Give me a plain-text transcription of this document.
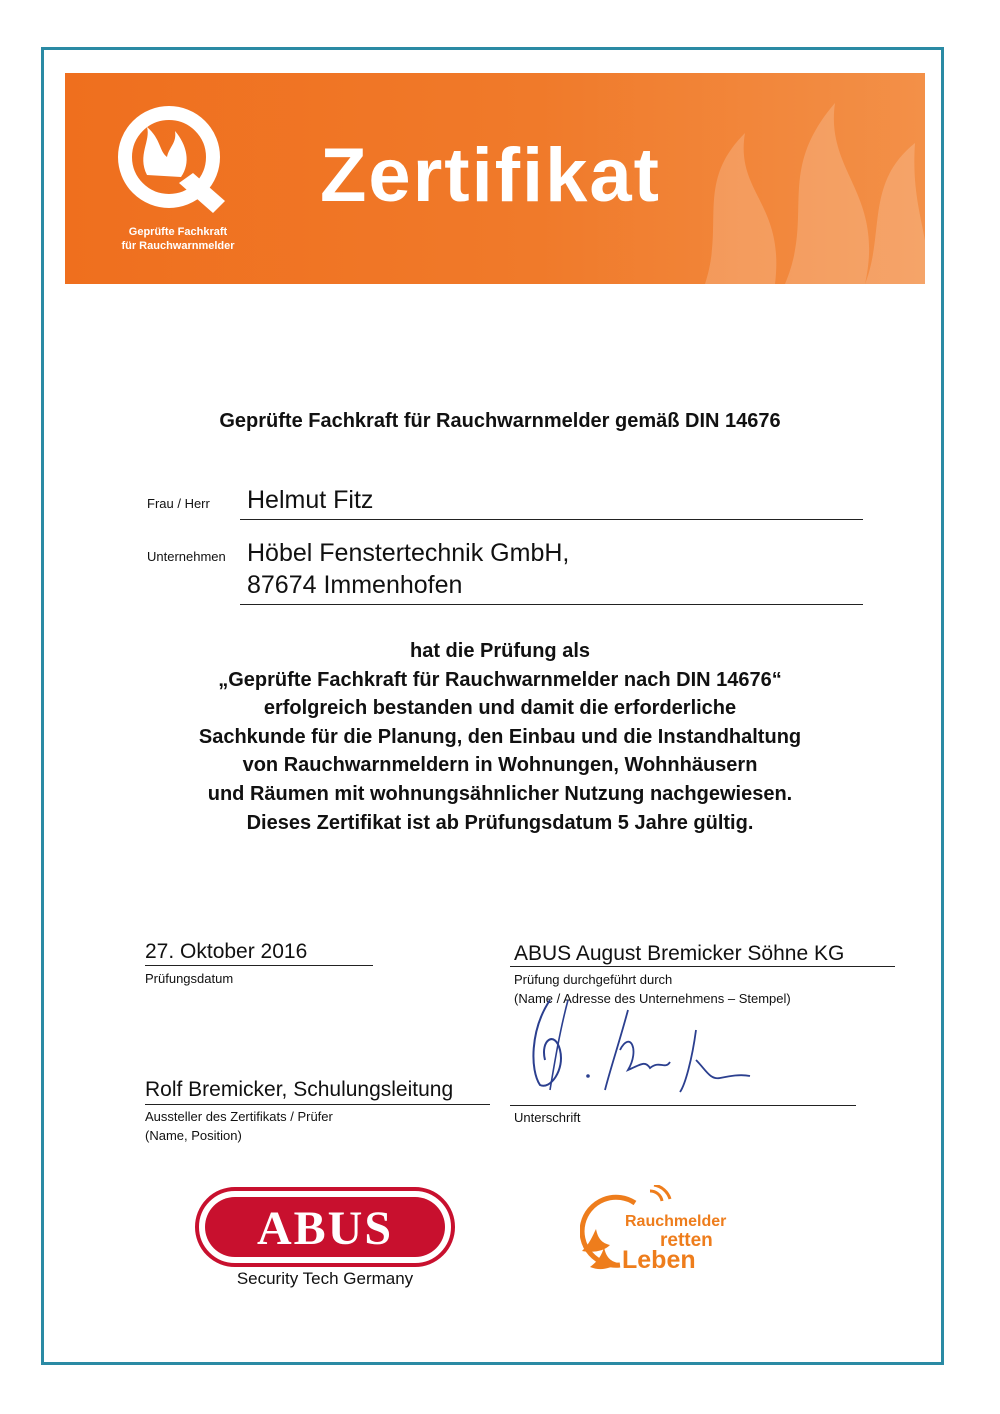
Geprüfte Fachkraft
für Rauchwarnmelder
Zertifikat
Geprüfte Fachkraft für Rauchwarnmelder gemäß DIN 14676
Frau / Herr Helmut Fitz
Unternehmen Höbel Fenstertechnik GmbH,
87674 Immenhofen
hat die Prüfung als
„Geprüfte Fachkraft für Rauchwarnmelder nach DIN 14676“
erfolgreich bestanden und damit die erforderliche
Sachkunde für die Planung, den Einbau und die Instandhaltung
von Rauchwarnmeldern in Wohnungen, Wohnhäusern
und Räumen mit wohnungsähnlicher Nutzung nachgewiesen.
Dieses Zertifikat ist ab Prüfungsdatum 5 Jahre gültig.
27. Oktober 2016
Prüfungsdatum
ABUS August Bremicker Söhne KG
Prüfung durchgeführt durch
(Name / Adresse des Unternehmens – Stempel)
Rolf Bremicker, Schulungsleitung
Aussteller des Zertifikats / Prüfer
(Name, Position)
Unterschrift
ABUS
Security Tech Germany
Rauchmelder
retten
Leben
